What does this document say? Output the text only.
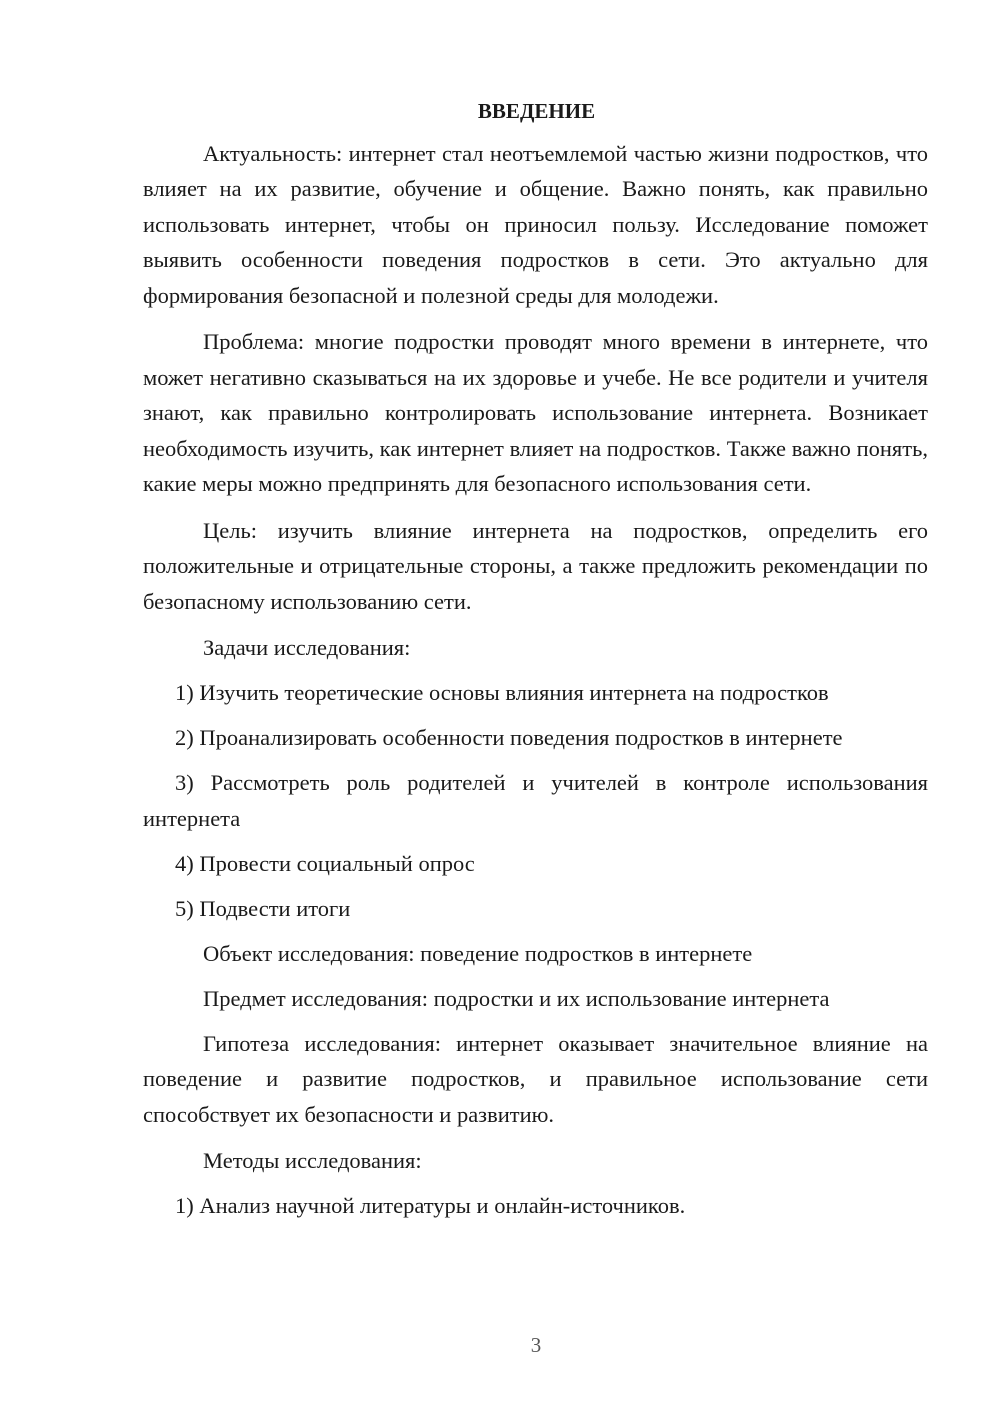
ВВЕДЕНИЕ

Актуальность: интернет стал неотъемлемой частью жизни подростков, что влияет на их развитие, обучение и общение. Важно понять, как правильно использовать интернет, чтобы он приносил пользу. Исследование поможет выявить особенности поведения подростков в сети. Это актуально для формирования безопасной и полезной среды для молодежи.

Проблема: многие подростки проводят много времени в интернете, что может негативно сказываться на их здоровье и учебе. Не все родители и учителя знают, как правильно контролировать использование интернета. Возникает необходимость изучить, как интернет влияет на подростков. Также важно понять, какие меры можно предпринять для безопасного использования сети.

Цель: изучить влияние интернета на подростков, определить его положительные и отрицательные стороны, а также предложить рекомендации по безопасному использованию сети.

Задачи исследования:

1) Изучить теоретические основы влияния интернета на подростков

2) Проанализировать особенности поведения подростков в интернете

3) Рассмотреть роль родителей и учителей в контроле использования интернета

4) Провести социальный опрос

5) Подвести итоги

Объект исследования: поведение подростков в интернете

Предмет исследования: подростки и их использование интернета

Гипотеза исследования: интернет оказывает значительное влияние на поведение и развитие подростков, и правильное использование сети способствует их безопасности и развитию.

Методы исследования:

1) Анализ научной литературы и онлайн-источников.

3
